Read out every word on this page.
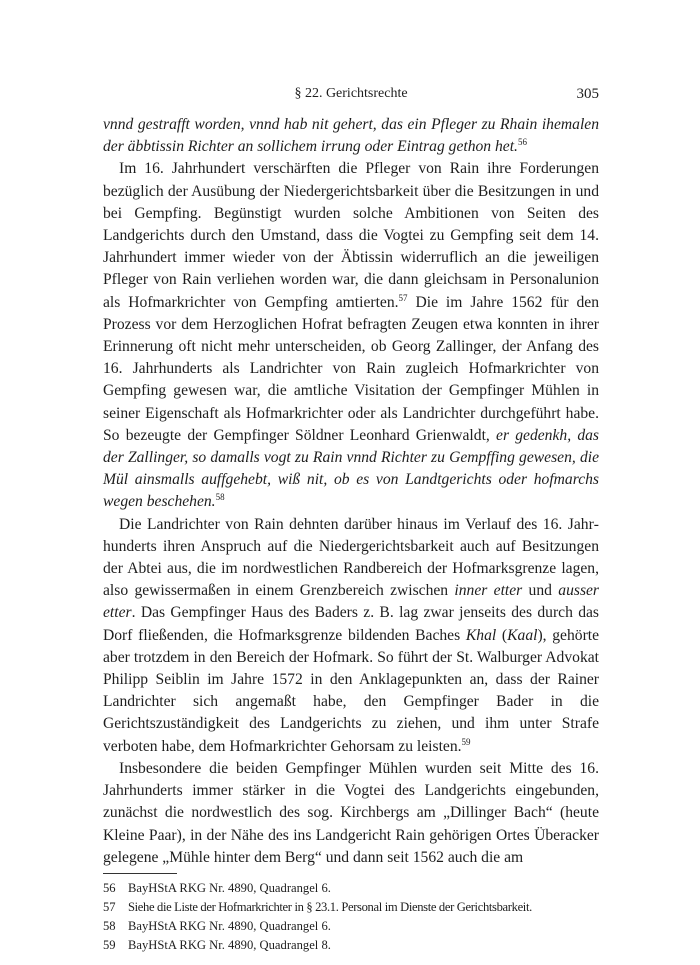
§ 22. Gerichtsrechte	305

vnnd gestrafft worden, vnnd hab nit gehert, das ein Pfleger zu Rhain ihemalen der äbbtissin Richter an sollichem irrung oder Eintrag gethon het.$^{56}$

Im 16. Jahrhundert verschärften die Pfleger von Rain ihre Forderungen bezüglich der Ausübung der Niedergerichtsbarkeit über die Besitzungen in und bei Gempfing. Begünstigt wurden solche Ambitionen von Seiten des Landgerichts durch den Umstand, dass die Vogtei zu Gempfing seit dem 14. Jahrhundert immer wieder von der Äbtissin widerruflich an die jeweiligen Pfleger von Rain verliehen worden war, die dann gleichsam in Personalunion als Hofmarkrichter von Gempfing amtierten.$^{57}$ Die im Jahre 1562 für den Prozess vor dem Herzoglichen Hofrat befragten Zeugen etwa konnten in ihrer Erinnerung oft nicht mehr unterscheiden, ob Georg Zallinger, der Anfang des 16. Jahrhunderts als Landrichter von Rain zugleich Hofmarkrichter von Gempfing gewesen war, die amtliche Visitation der Gempfinger Mühlen in seiner Eigenschaft als Hofmarkrichter oder als Landrichter durchgeführt habe. So bezeugte der Gempfinger Söldner Leonhard Grienwaldt, er gedenkh, das der Zallinger, so damalls vogt zu Rain vnnd Richter zu Gempffing gewesen, die Mül ainsmalls auffgehebt, wiß nit, ob es von Landtgerichts oder hofmarchs wegen beschehen.$^{58}$

Die Landrichter von Rain dehnten darüber hinaus im Verlauf des 16. Jahrhunderts ihren Anspruch auf die Niedergerichtsbarkeit auch auf Besitzungen der Abtei aus, die im nordwestlichen Randbereich der Hofmarksgrenze lagen, also gewissermaßen in einem Grenzbereich zwischen inner etter und ausser etter. Das Gempfinger Haus des Baders z. B. lag zwar jenseits des durch das Dorf fließenden, die Hofmarksgrenze bildenden Baches Khal (Kaal), gehörte aber trotzdem in den Bereich der Hofmark. So führt der St. Walburger Advokat Philipp Seiblin im Jahre 1572 in den Anklagepunkten an, dass der Rainer Landrichter sich angemaßt habe, den Gempfinger Bader in die Gerichtszuständigkeit des Landgerichts zu ziehen, und ihm unter Strafe verboten habe, dem Hofmarkrichter Gehorsam zu leisten.$^{59}$

Insbesondere die beiden Gempfinger Mühlen wurden seit Mitte des 16. Jahrhunderts immer stärker in die Vogtei des Landgerichts eingebunden, zunächst die nordwestlich des sog. Kirchbergs am „Dillinger Bach“ (heute Kleine Paar), in der Nähe des ins Landgericht Rain gehörigen Ortes Überacker gelegene „Mühle hinter dem Berg“ und dann seit 1562 auch die am

56 BayHStA RKG Nr. 4890, Quadrangel 6.
57 Siehe die Liste der Hofmarkrichter in § 23.1. Personal im Dienste der Gerichtsbarkeit.
58 BayHStA RKG Nr. 4890, Quadrangel 6.
59 BayHStA RKG Nr. 4890, Quadrangel 8.
